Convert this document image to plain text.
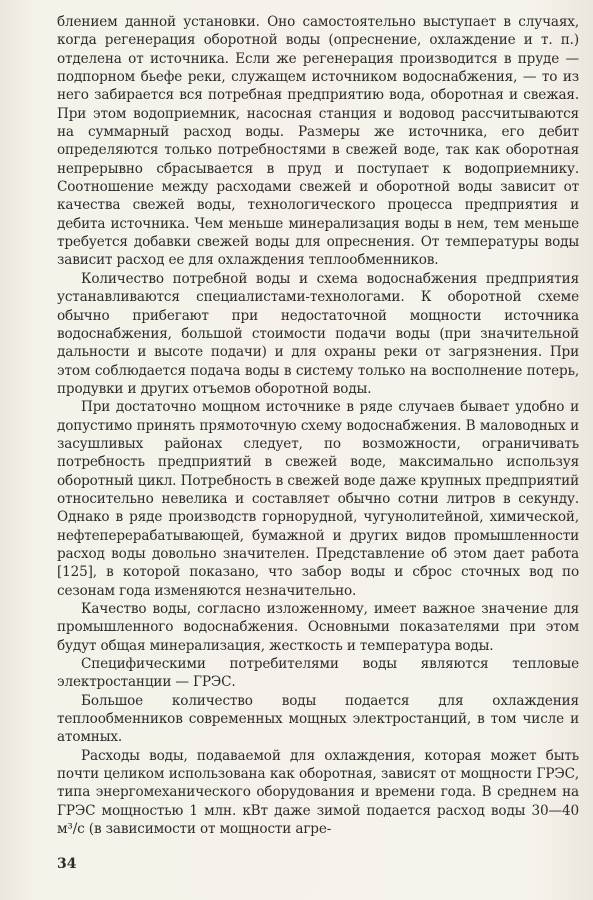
блением данной установки. Оно самостоятельно выступает в случаях, когда регенерация оборотной воды (опреснение, охлаждение и т. п.) отделена от источника. Если же регенерация производится в пруде — подпорном бьефе реки, служащем источником водоснабжения, — то из него забирается вся потребная предприятию вода, оборотная и свежая. При этом водоприемник, насосная станция и водовод рассчитываются на суммарный расход воды. Размеры же источника, его дебит определяются только потребностями в свежей воде, так как оборотная непрерывно сбрасывается в пруд и поступает к водоприемнику. Соотношение между расходами свежей и оборотной воды зависит от качества свежей воды, технологического процесса предприятия и дебита источника. Чем меньше минерализация воды в нем, тем меньше требуется добавки свежей воды для опреснения. От температуры воды зависит расход ее для охлаждения теплообменников.

Количество потребной воды и схема водоснабжения предприятия устанавливаются специалистами-технологами. К оборотной схеме обычно прибегают при недостаточной мощности источника водоснабжения, большой стоимости подачи воды (при значительной дальности и высоте подачи) и для охраны реки от загрязнения. При этом соблюдается подача воды в систему только на восполнение потерь, продувки и других отъемов оборотной воды.

При достаточно мощном источнике в ряде случаев бывает удобно и допустимо принять прямоточную схему водоснабжения. В маловодных и засушливых районах следует, по возможности, ограничивать потребность предприятий в свежей воде, максимально используя оборотный цикл. Потребность в свежей воде даже крупных предприятий относительно невелика и составляет обычно сотни литров в секунду. Однако в ряде производств горнорудной, чугунолитейной, химической, нефтеперерабатывающей, бумажной и других видов промышленности расход воды довольно значителен. Представление об этом дает работа [125], в которой показано, что забор воды и сброс сточных вод по сезонам года изменяются незначительно.

Качество воды, согласно изложенному, имеет важное значение для промышленного водоснабжения. Основными показателями при этом будут общая минерализация, жесткость и температура воды.

Специфическими потребителями воды являются тепловые электростанции — ГРЭС.

Большое количество воды подается для охлаждения теплообменников современных мощных электростанций, в том числе и атомных.

Расходы воды, подаваемой для охлаждения, которая может быть почти целиком использована как оборотная, зависят от мощности ГРЭС, типа энергомеханического оборудования и времени года. В среднем на ГРЭС мощностью 1 млн. кВт даже зимой подается расход воды 30—40 м³/с (в зависимости от мощности агре-

34
